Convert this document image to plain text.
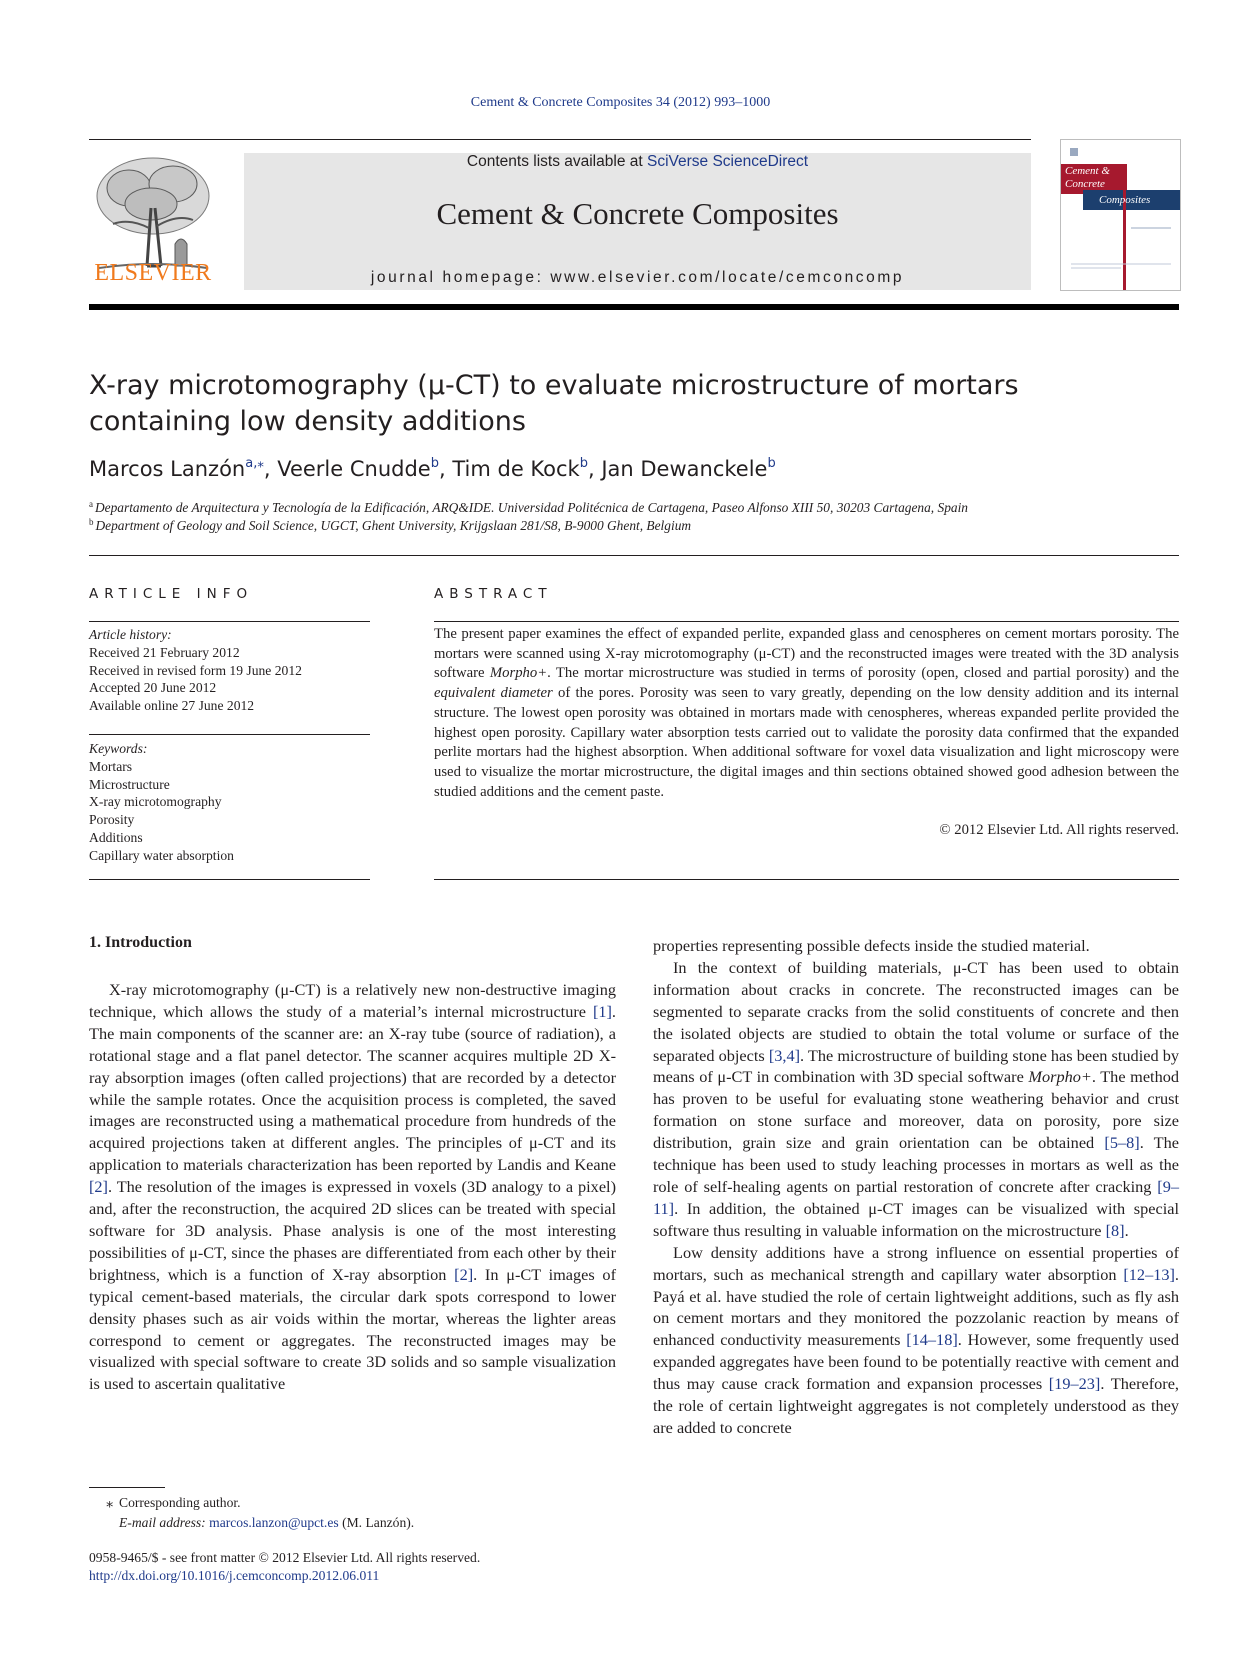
Cement & Concrete Composites 34 (2012) 993–1000
ELSEVIER
Contents lists available at SciVerse ScienceDirect
Cement & Concrete Composites
journal homepage: www.elsevier.com/locate/cemconcomp
Cement &
Concrete
Composites
X-ray microtomography (μ-CT) to evaluate microstructure of mortars
containing low density additions
Marcos Lanzón$^{a,⁎}$, Veerle Cnudde$^b$, Tim de Kock$^b$, Jan Dewanckele$^b$
$^a$ Departamento de Arquitectura y Tecnología de la Edificación, ARQ&IDE. Universidad Politécnica de Cartagena, Paseo Alfonso XIII 50, 30203 Cartagena, Spain
$^b$ Department of Geology and Soil Science, UGCT, Ghent University, Krijgslaan 281/S8, B-9000 Ghent, Belgium
ARTICLE INFO
Article history:
Received 21 February 2012
Received in revised form 19 June 2012
Accepted 20 June 2012
Available online 27 June 2012
Keywords:
Mortars
Microstructure
X-ray microtomography
Porosity
Additions
Capillary water absorption
ABSTRACT

The present paper examines the effect of expanded perlite, expanded glass and cenospheres on cement mortars porosity. The mortars were scanned using X-ray microtomography (μ-CT) and the reconstructed images were treated with the 3D analysis software Morpho+. The mortar microstructure was studied in terms of porosity (open, closed and partial porosity) and the equivalent diameter of the pores. Porosity was seen to vary greatly, depending on the low density addition and its internal structure. The lowest open porosity was obtained in mortars made with cenospheres, whereas expanded perlite provided the highest open porosity. Capillary water absorption tests carried out to validate the porosity data confirmed that the expanded perlite mortars had the highest absorption. When additional software for voxel data visualization and light microscopy were used to visualize the mortar microstructure, the digital images and thin sections obtained showed good adhesion between the studied additions and the cement paste.

© 2012 Elsevier Ltd. All rights reserved.
1. Introduction

X-ray microtomography (μ-CT) is a relatively new non-destructive imaging technique, which allows the study of a material’s internal microstructure [1]. The main components of the scanner are: an X-ray tube (source of radiation), a rotational stage and a flat panel detector. The scanner acquires multiple 2D X-ray absorption images (often called projections) that are recorded by a detector while the sample rotates. Once the acquisition process is completed, the saved images are reconstructed using a mathematical procedure from hundreds of the acquired projections taken at different angles. The principles of μ-CT and its application to materials characterization has been reported by Landis and Keane [2]. The resolution of the images is expressed in voxels (3D analogy to a pixel) and, after the reconstruction, the acquired 2D slices can be treated with special software for 3D analysis. Phase analysis is one of the most interesting possibilities of μ-CT, since the phases are differentiated from each other by their brightness, which is a function of X-ray absorption [2]. In μ-CT images of typical cement-based materials, the circular dark spots correspond to lower density phases such as air voids within the mortar, whereas the lighter areas correspond to cement or aggregates. The reconstructed images may be visualized with special software to create 3D solids and so sample visualization is used to ascertain qualitative

properties representing possible defects inside the studied material.

In the context of building materials, μ-CT has been used to obtain information about cracks in concrete. The reconstructed images can be segmented to separate cracks from the solid constituents of concrete and then the isolated objects are studied to obtain the total volume or surface of the separated objects [3,4]. The microstructure of building stone has been studied by means of μ-CT in combination with 3D special software Morpho+. The method has proven to be useful for evaluating stone weathering behavior and crust formation on stone surface and moreover, data on porosity, pore size distribution, grain size and grain orientation can be obtained [5–8]. The technique has been used to study leaching processes in mortars as well as the role of self-healing agents on partial restoration of concrete after cracking [9–11]. In addition, the obtained μ-CT images can be visualized with special software thus resulting in valuable information on the microstructure [8].

Low density additions have a strong influence on essential properties of mortars, such as mechanical strength and capillary water absorption [12–13]. Payá et al. have studied the role of certain lightweight additions, such as fly ash on cement mortars and they monitored the pozzolanic reaction by means of enhanced conductivity measurements [14–18]. However, some frequently used expanded aggregates have been found to be potentially reactive with cement and thus may cause crack formation and expansion processes [19–23]. Therefore, the role of certain lightweight aggregates is not completely understood as they are added to concrete

⁎ Corresponding author.
E-mail address: marcos.lanzon@upct.es (M. Lanzón).
0958-9465/$ - see front matter © 2012 Elsevier Ltd. All rights reserved.
http://dx.doi.org/10.1016/j.cemconcomp.2012.06.011
